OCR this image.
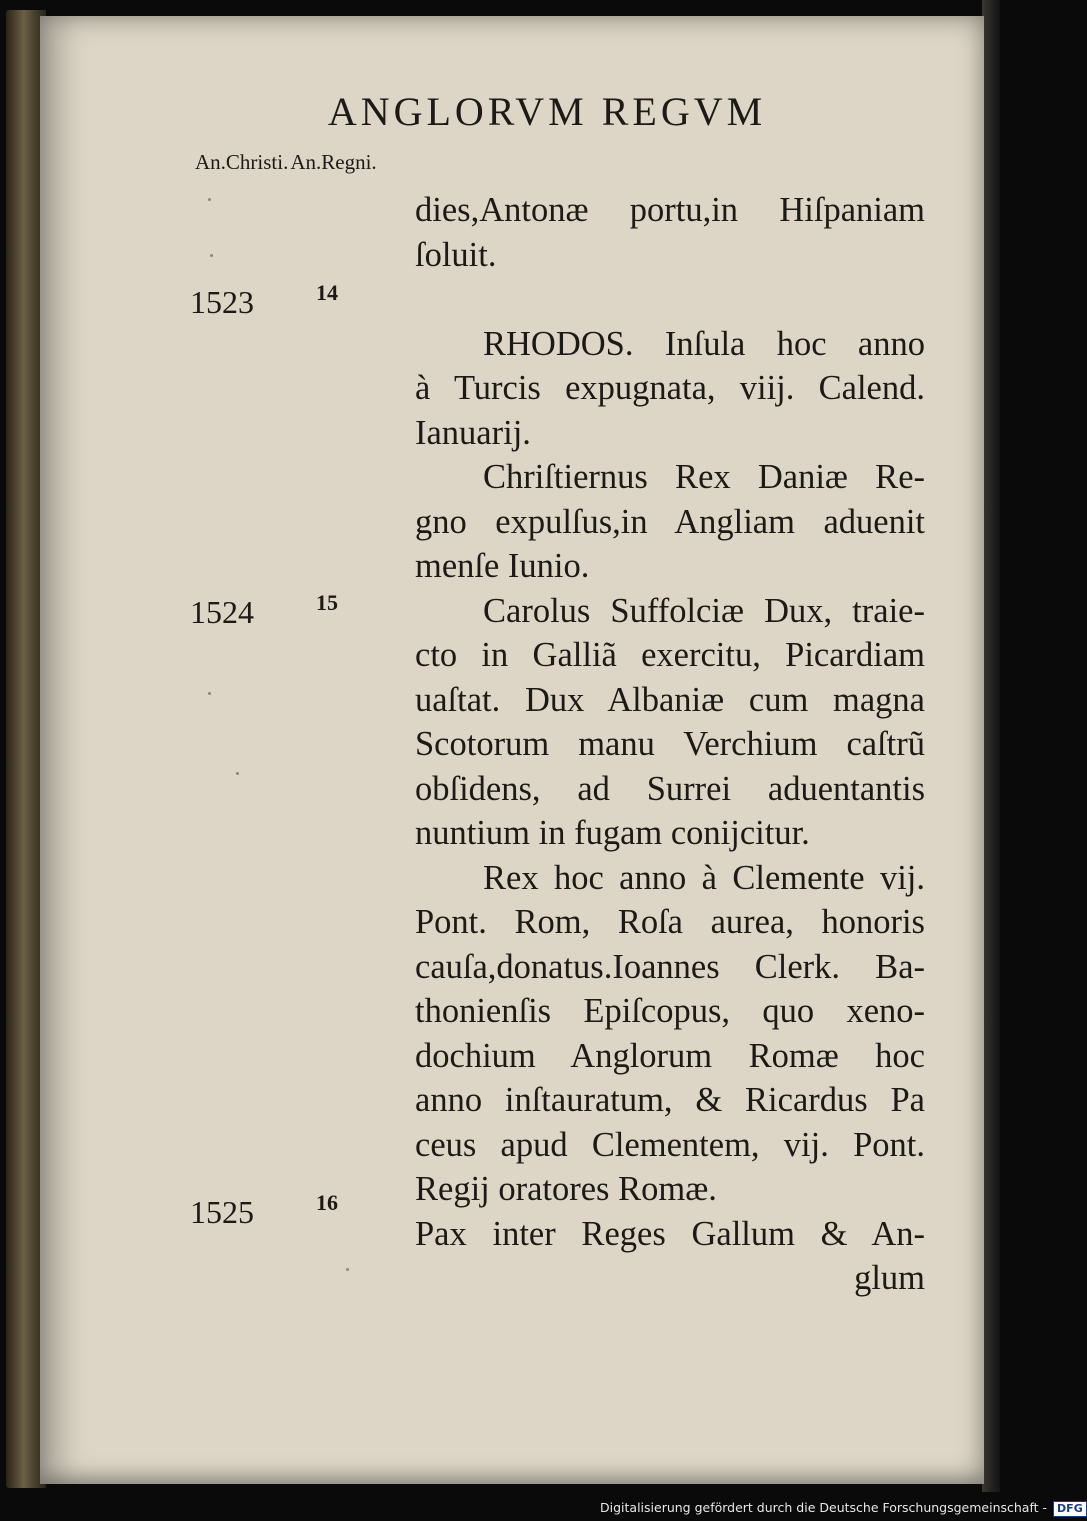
ANGLORVM REGVM
An.Christi.An.Regni.
1523	14
1524	15
1525	16
dies,Antonæ portu,in Hiſpaniam
ſoluit.
RHODOS. Inſula hoc anno
à Turcis expugnata, viij. Calend.
Ianuarij.
Chriſtiernus Rex Daniæ Re-
gno expulſus,in Angliam aduenit
menſe Iunio.
Carolus Suffolciæ Dux, traie-
cto in Galliã exercitu, Picardiam
uaſtat. Dux Albaniæ cum magna
Scotorum manu Verchium caſtrũ
obſidens, ad Surrei aduentantis
nuntium in fugam conijcitur.
Rex hoc anno à Clemente vij.
Pont. Rom, Roſa aurea, honoris
cauſa,donatus.Ioannes Clerk. Ba-
thonienſis Epiſcopus, quo xeno-
dochium Anglorum Romæ hoc
anno inſtauratum, & Ricardus Pa
ceus apud Clementem, vij. Pont.
Regij oratores Romæ.
Pax inter Reges Gallum & An-
glum
Digitalisierung gefördert durch die Deutsche Forschungsgemeinschaft - DFG
